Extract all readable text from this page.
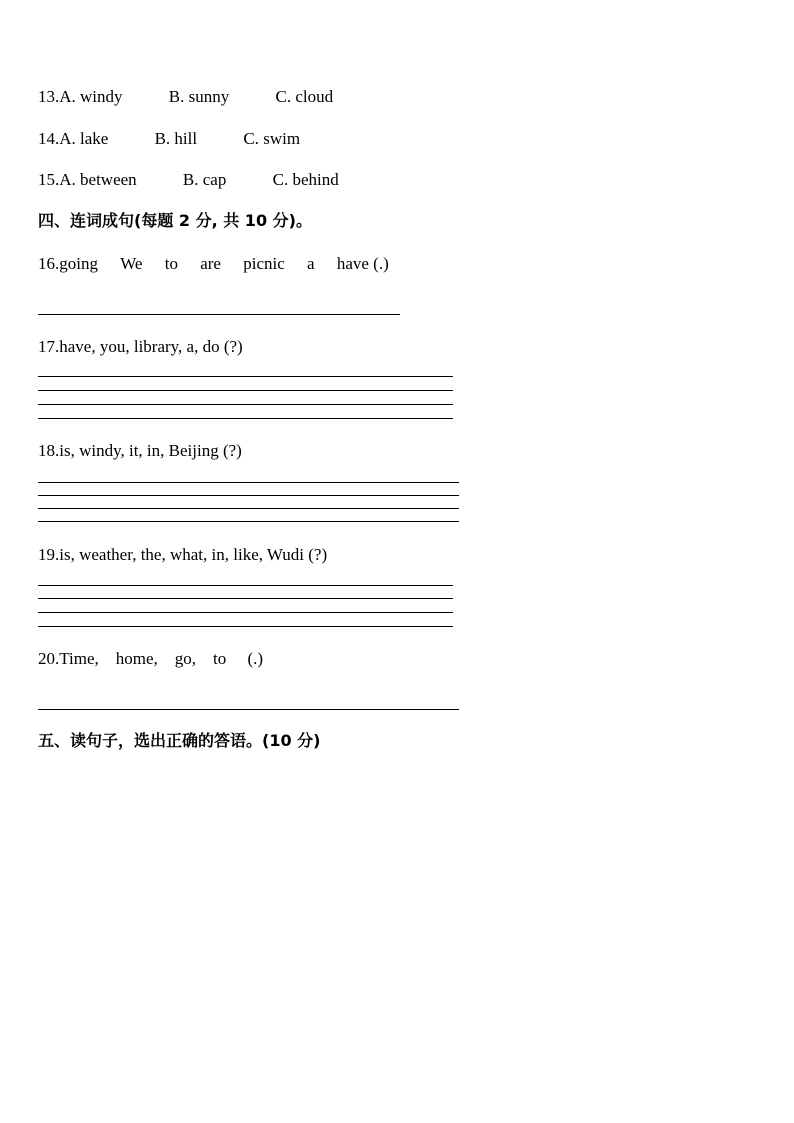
13.A. windy	B. sunny	C. cloud
14.A. lake	B. hill	C. swim
15.A. between	B. cap	C. behind
四、连词成句(每题 2 分, 共 10 分)。
16.going We to are picnic a have (.)
17.have, you, library, a, do (?)
18.is, windy, it, in, Beijing (?)
19.is, weather, the, what, in, like, Wudi (?)
20.Time,    home,    go,    to     (.)
五、读句子，选出正确的答语。(10 分)
